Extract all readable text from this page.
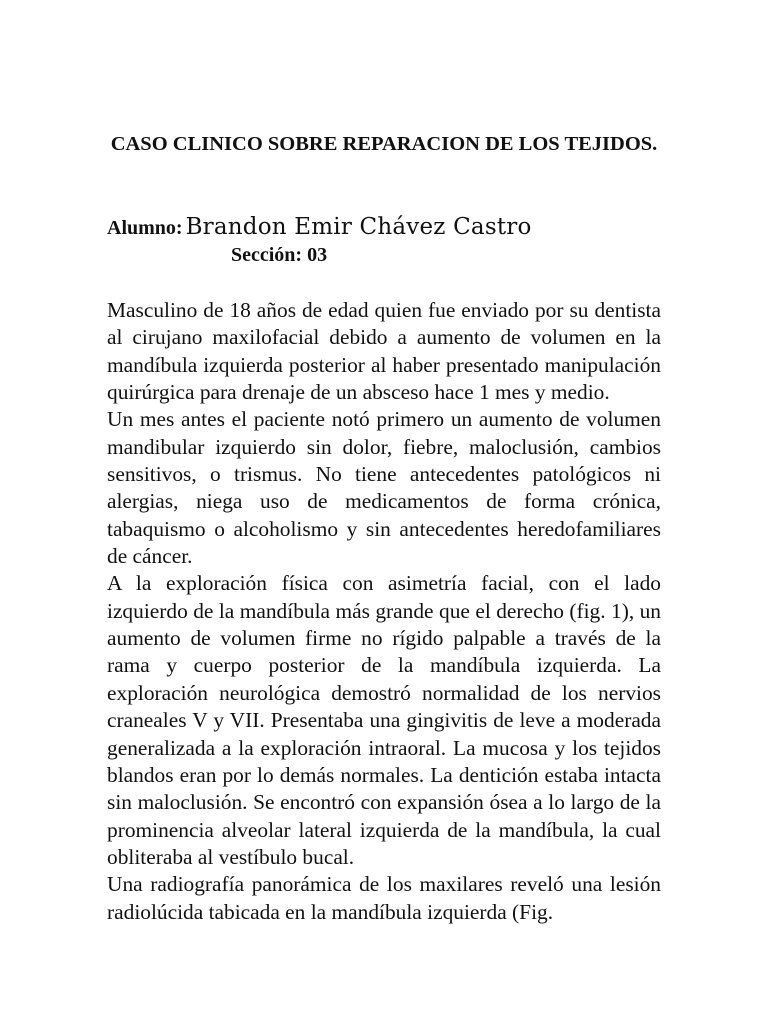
CASO CLINICO SOBRE REPARACION DE LOS TEJIDOS.

Alumno: Brandon Emir Chávez Castro

Sección: 03

Masculino de 18 años de edad quien fue enviado por su dentista al cirujano maxilofacial debido a aumento de volumen en la mandíbula izquierda posterior al haber presentado manipulación quirúrgica para drenaje de un absceso hace 1 mes y medio.

Un mes antes el paciente notó primero un aumento de volumen mandibular izquierdo sin dolor, fiebre, maloclusión, cambios sensitivos, o trismus. No tiene antecedentes patológicos ni alergias, niega uso de medicamentos de forma crónica, tabaquismo o alcoholismo y sin antecedentes heredofamiliares de cáncer.

A la exploración física con asimetría facial, con el lado izquierdo de la mandíbula más grande que el derecho (fig. 1), un aumento de volumen firme no rígido palpable a través de la rama y cuerpo posterior de la mandíbula izquierda. La exploración neurológica demostró normalidad de los nervios craneales V y VII. Presentaba una gingivitis de leve a moderada generalizada a la exploración intraoral. La mucosa y los tejidos blandos eran por lo demás normales. La dentición estaba intacta sin maloclusión. Se encontró con expansión ósea a lo largo de la prominencia alveolar lateral izquierda de la mandíbula, la cual obliteraba al vestíbulo bucal.

Una radiografía panorámica de los maxilares reveló una lesión radiolúcida tabicada en la mandíbula izquierda (Fig.
